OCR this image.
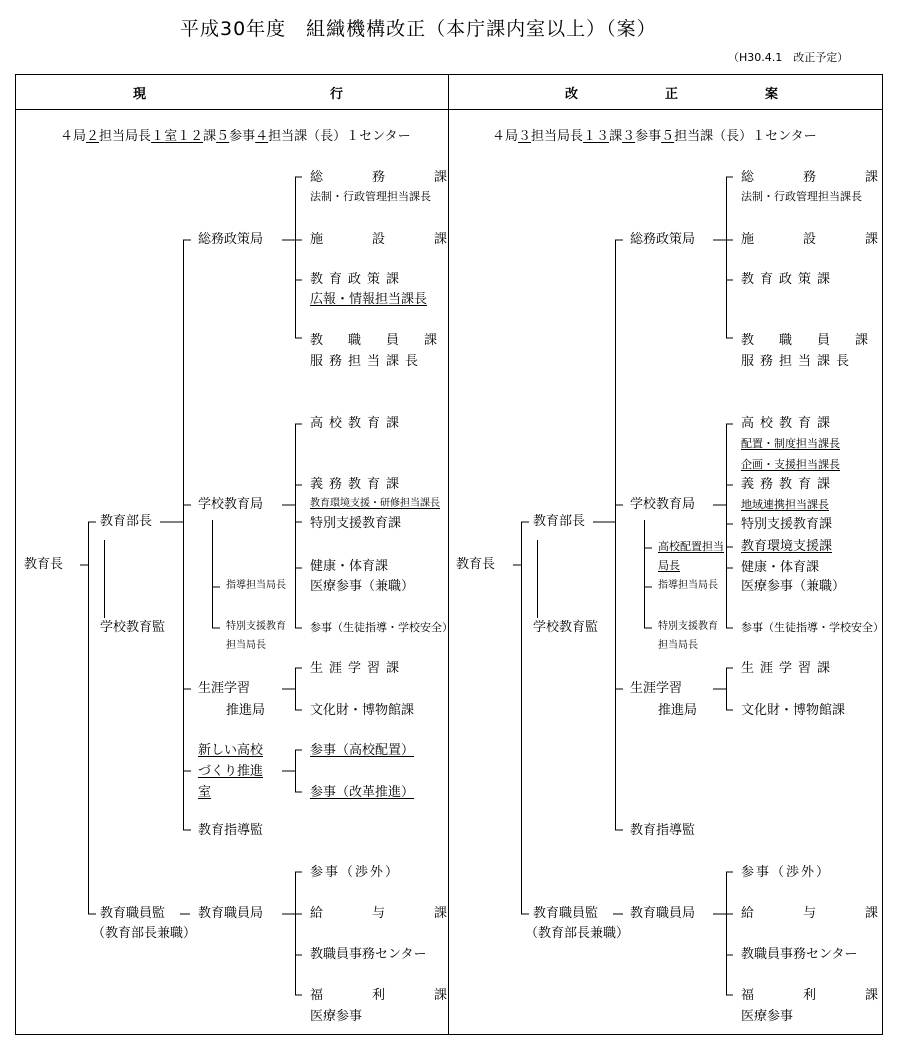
平成30年度　組織機構改正（本庁課内室以上）（案）
（H30.4.1　改正予定）
現	行	改	正	案
４局２担当局長１室１２課５参事４担当課（長）１センター	４局３担当局長１３課３参事５担当課（長）１センター
教育長
教育部長
学校教育監
教育職員監
（教育部長兼職）
総務政策局
学校教育局
指導担当局長
特別支援教育
担当局長
生涯学習
推進局
新しい高校
づくり推進
室
教育指導監
教育職員局
総　務　課
法制・行政管理担当課長
施　設　課
教育政策課
広報・情報担当課長
教　職　員　課
服務担当課長
高校教育課
義務教育課
教育環境支援・研修担当課長
特別支援教育課
健康・体育課
医療参事（兼職）
参事（生徒指導・学校安全）
生涯学習課
文化財・博物館課
参事（高校配置）
参事（改革推進）
参事（渉外）
給　与　課
教職員事務センター
福　利　課
医療参事
教育長
教育部長
学校教育監
教育職員監
（教育部長兼職）
総務政策局
学校教育局
高校配置担当
局長
指導担当局長
特別支援教育
担当局長
生涯学習
推進局
教育指導監
教育職員局
総　務　課
法制・行政管理担当課長
施　設　課
教育政策課
教　職　員　課
服務担当課長
高校教育課
配置・制度担当課長
企画・支援担当課長
義務教育課
地域連携担当課長
特別支援教育課
教育環境支援課
健康・体育課
医療参事（兼職）
参事（生徒指導・学校安全）
生涯学習課
文化財・博物館課
参事（渉外）
給　与　課
教職員事務センター
福　利　課
医療参事
